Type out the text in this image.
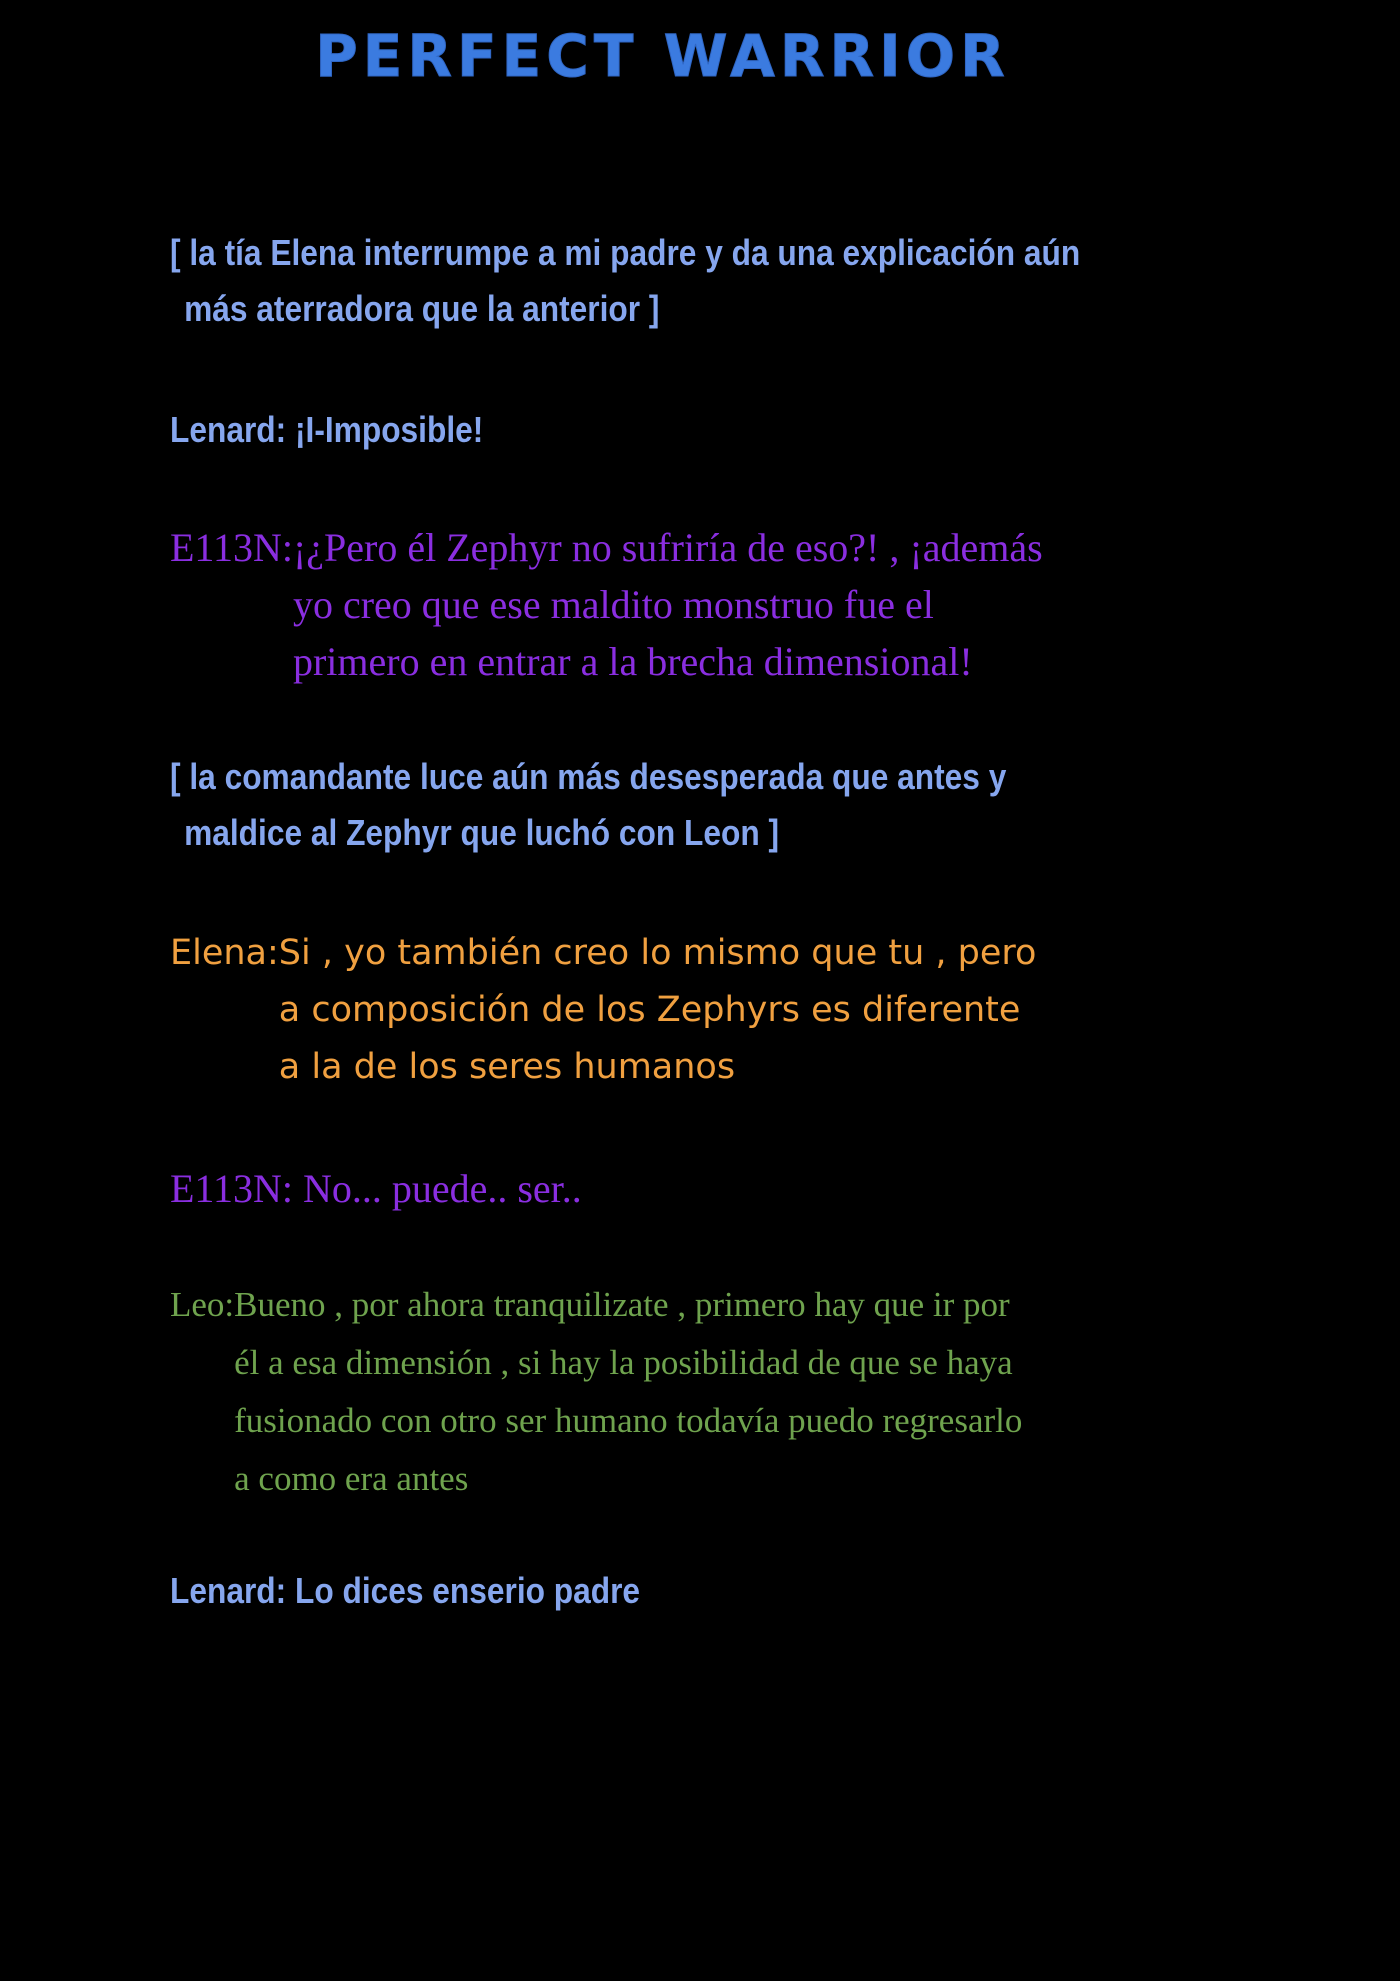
PERFECT WARRIOR
[ la tía Elena interrumpe a mi padre y da una explicación aún
más aterradora que la anterior ]
Lenard: ¡I-Imposible!
E113N: ¡¿Pero él Zephyr no sufriría de eso?! , ¡además
yo creo que ese maldito monstruo fue el
primero en entrar a la brecha dimensional!
[ la comandante luce aún más desesperada que antes y
maldice al Zephyr que luchó con Leon ]
Elena: Si , yo también creo lo mismo que tu , pero
a composición de los Zephyrs es diferente
a la de los seres humanos
E113N: No... puede.. ser..
Leo: Bueno , por ahora tranquilizate , primero hay que ir por
él a esa dimensión , si hay la posibilidad de que se haya
fusionado con otro ser humano todavía puedo regresarlo
a como era antes
Lenard: Lo dices enserio padre
